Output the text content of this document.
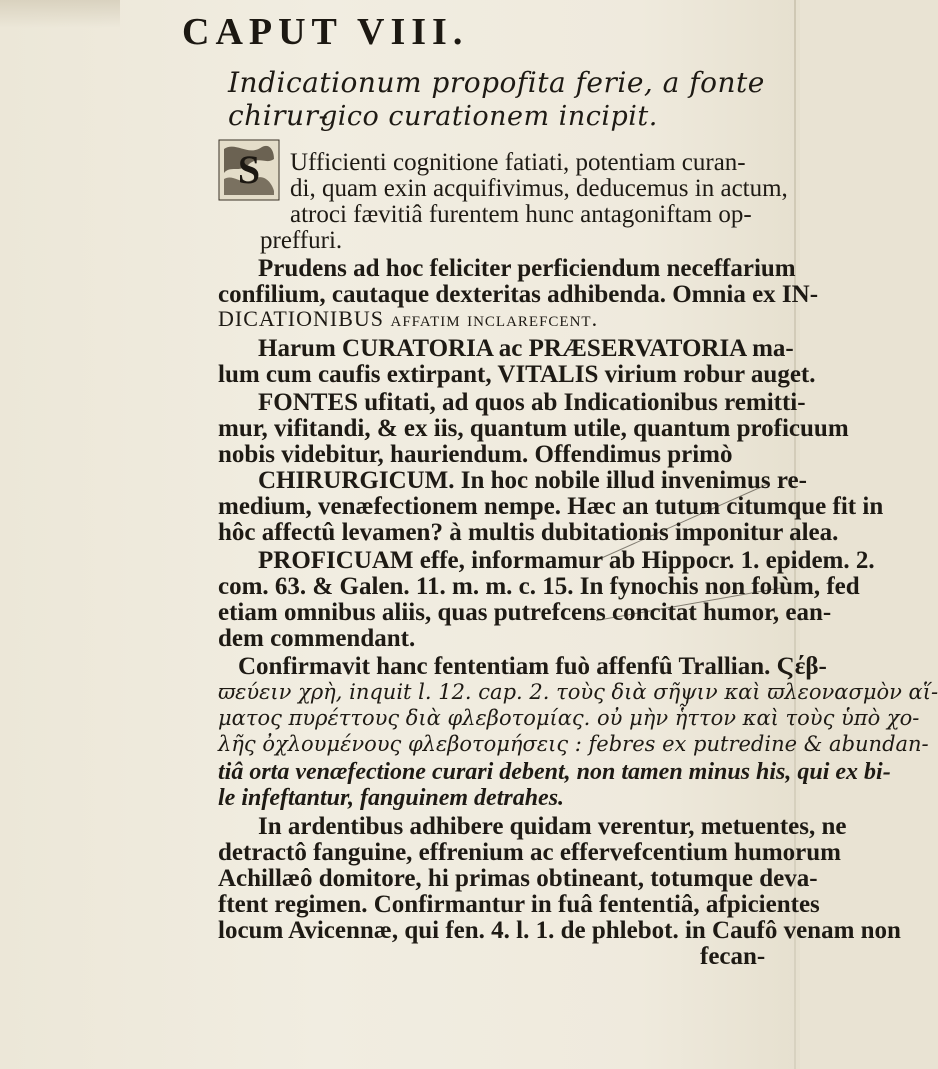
CAPUT VIII.
Indicationum propofita ferie, a fonte chirur-
gico curationem incipit.
S Ufficienti cognitione fatiati, potentiam curan-
di, quam exin acquifivimus, deducemus in actum,
atroci fævitiâ furentem hunc antagoniftam op-
preffuri.
Prudens ad hoc feliciter perficiendum neceffarium
confilium, cautaque dexteritas adhibenda. Omnia ex IN-
DICATIONIBUS affatim inclarefcent.
Harum CURATORIA ac PRÆSERVATORIA ma-
lum cum caufis extirpant, VITALIS virium robur auget.
FONTES ufitati, ad quos ab Indicationibus remitti-
mur, vifitandi, & ex iis, quantum utile, quantum proficuum
nobis videbitur, hauriendum. Offendimus primò
CHIRURGICUM. In hoc nobile illud invenimus re-
medium, venæfectionem nempe. Hæc an tutum citumque fit in
hôc affectû levamen? à multis dubitationis imponitur alea.
PROFICUAM effe, informamur ab Hippocr. 1. epidem. 2.
com. 63. & Galen. 11. m. m. c. 15. In fynochis non folùm, fed
etiam omnibus aliis, quas putrefcens concitat humor, ean-
dem commendant.
Confirmavit hanc fententiam fuò affenfû Trallian. Ϛέβ-
ϖεύειν χρὴ, inquit l. 12. cap. 2. τοὺς διὰ σῆψιν καὶ ϖλεονασμὸν αἵ-
ματος πυρέττους διὰ φλεβοτομίας. οὐ μὴν ἧττον καὶ τοὺς ὑπὸ χο-
λῆς ὀχλουμένους φλεβοτομήσεις : febres ex putredine & abundan-
tiâ orta venæfectione curari debent, non tamen minus his, qui ex bi-
le infeftantur, fanguinem detrahes.
In ardentibus adhibere quidam verentur, metuentes, ne
detractô fanguine, effrenium ac effervefcentium humorum
Achillæô domitore, hi primas obtineant, totumque deva-
ftent regimen. Confirmantur in fuâ fententiâ, afpicientes
locum Avicennæ, qui fen. 4. l. 1. de phlebot. in Caufô venam non
fecan-
